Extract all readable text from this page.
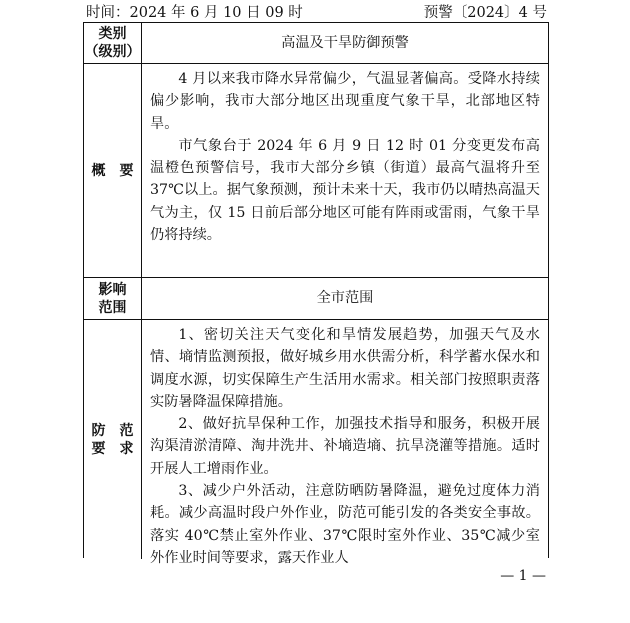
时间：2024 年 6 月 10 日 09 时	预警〔2024〕4 号
类别
（级别）
高温及干旱防御预警
概　要

4 月以来我市降水异常偏少，气温显著偏高。受降水持续偏少影响，我市大部分地区出现重度气象干旱，北部地区特旱。

市气象台于 2024 年 6 月 9 日 12 时 01 分变更发布高温橙色预警信号，我市大部分乡镇（街道）最高气温将升至 37℃以上。据气象预测，预计未来十天，我市仍以晴热高温天气为主，仅 15 日前后部分地区可能有阵雨或雷雨，气象干旱仍将持续。

影响
范围
全市范围
防　范
要　求

1、密切关注天气变化和旱情发展趋势，加强天气及水情、墒情监测预报，做好城乡用水供需分析，科学蓄水保水和调度水源，切实保障生产生活用水需求。相关部门按照职责落实防暑降温保障措施。

2、做好抗旱保种工作，加强技术指导和服务，积极开展沟渠清淤清障、淘井洗井、补墒造墒、抗旱浇灌等措施。适时开展人工增雨作业。

3、减少户外活动，注意防晒防暑降温，避免过度体力消耗。减少高温时段户外作业，防范可能引发的各类安全事故。落实 40℃禁止室外作业、37℃限时室外作业、35℃减少室外作业时间等要求，露天作业人

— 1 —
